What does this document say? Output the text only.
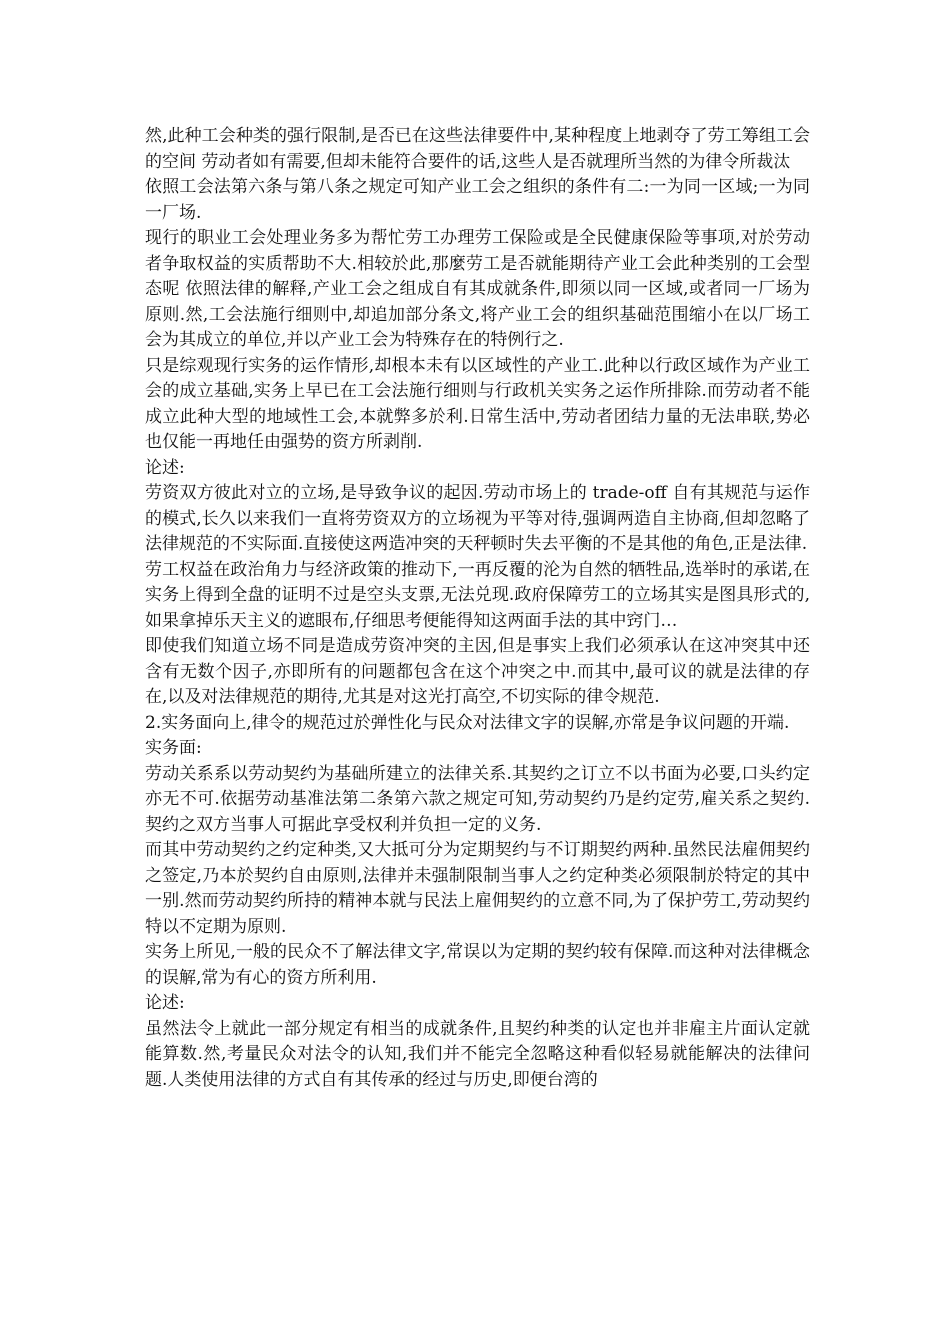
然,此种工会种类的强行限制,是否已在这些法律要件中,某种程度上地剥夺了劳工筹组工会的空间 劳动者如有需要,但却未能符合要件的话,这些人是否就理所当然的为律令所裁汰

依照工会法第六条与第八条之规定可知产业工会之组织的条件有二:一为同一区域;一为同一厂场.

现行的职业工会处理业务多为帮忙劳工办理劳工保险或是全民健康保险等事项,对於劳动者争取权益的实质帮助不大.相较於此,那麼劳工是否就能期待产业工会此种类别的工会型态呢 依照法律的解释,产业工会之组成自有其成就条件,即须以同一区域,或者同一厂场为原则.然,工会法施行细则中,却追加部分条文,将产业工会的组织基础范围缩小在以厂场工会为其成立的单位,并以产业工会为特殊存在的特例行之.

只是综观现行实务的运作情形,却根本未有以区域性的产业工.此种以行政区域作为产业工会的成立基础,实务上早已在工会法施行细则与行政机关实务之运作所排除.而劳动者不能成立此种大型的地域性工会,本就弊多於利.日常生活中,劳动者团结力量的无法串联,势必也仅能一再地任由强势的资方所剥削.

论述:

劳资双方彼此对立的立场,是导致争议的起因.劳动市场上的 trade-off 自有其规范与运作的模式,长久以来我们一直将劳资双方的立场视为平等对待,强调两造自主协商,但却忽略了法律规范的不实际面.直接使这两造冲突的天秤顿时失去平衡的不是其他的角色,正是法律.

劳工权益在政治角力与经济政策的推动下,一再反覆的沦为自然的牺牲品,选举时的承诺,在实务上得到全盘的证明不过是空头支票,无法兑现.政府保障劳工的立场其实是图具形式的,如果拿掉乐天主义的遮眼布,仔细思考便能得知这两面手法的其中窍门…

即使我们知道立场不同是造成劳资冲突的主因,但是事实上我们必须承认在这冲突其中还含有无数个因子,亦即所有的问题都包含在这个冲突之中.而其中,最可议的就是法律的存在,以及对法律规范的期待,尤其是对这光打高空,不切实际的律令规范.

2.实务面向上,律令的规范过於弹性化与民众对法律文字的误解,亦常是争议问题的开端.

实务面:

劳动关系系以劳动契约为基础所建立的法律关系.其契约之订立不以书面为必要,口头约定亦无不可.依据劳动基准法第二条第六款之规定可知,劳动契约乃是约定劳,雇关系之契约.契约之双方当事人可据此享受权利并负担一定的义务.

而其中劳动契约之约定种类,又大抵可分为定期契约与不订期契约两种.虽然民法雇佣契约之签定,乃本於契约自由原则,法律并未强制限制当事人之约定种类必须限制於特定的其中一别.然而劳动契约所持的精神本就与民法上雇佣契约的立意不同,为了保护劳工,劳动契约特以不定期为原则.

实务上所见,一般的民众不了解法律文字,常误以为定期的契约较有保障.而这种对法律概念的误解,常为有心的资方所利用.

论述:

虽然法令上就此一部分规定有相当的成就条件,且契约种类的认定也并非雇主片面认定就能算数.然,考量民众对法令的认知,我们并不能完全忽略这种看似轻易就能解决的法律问题.人类使用法律的方式自有其传承的经过与历史,即便台湾的
